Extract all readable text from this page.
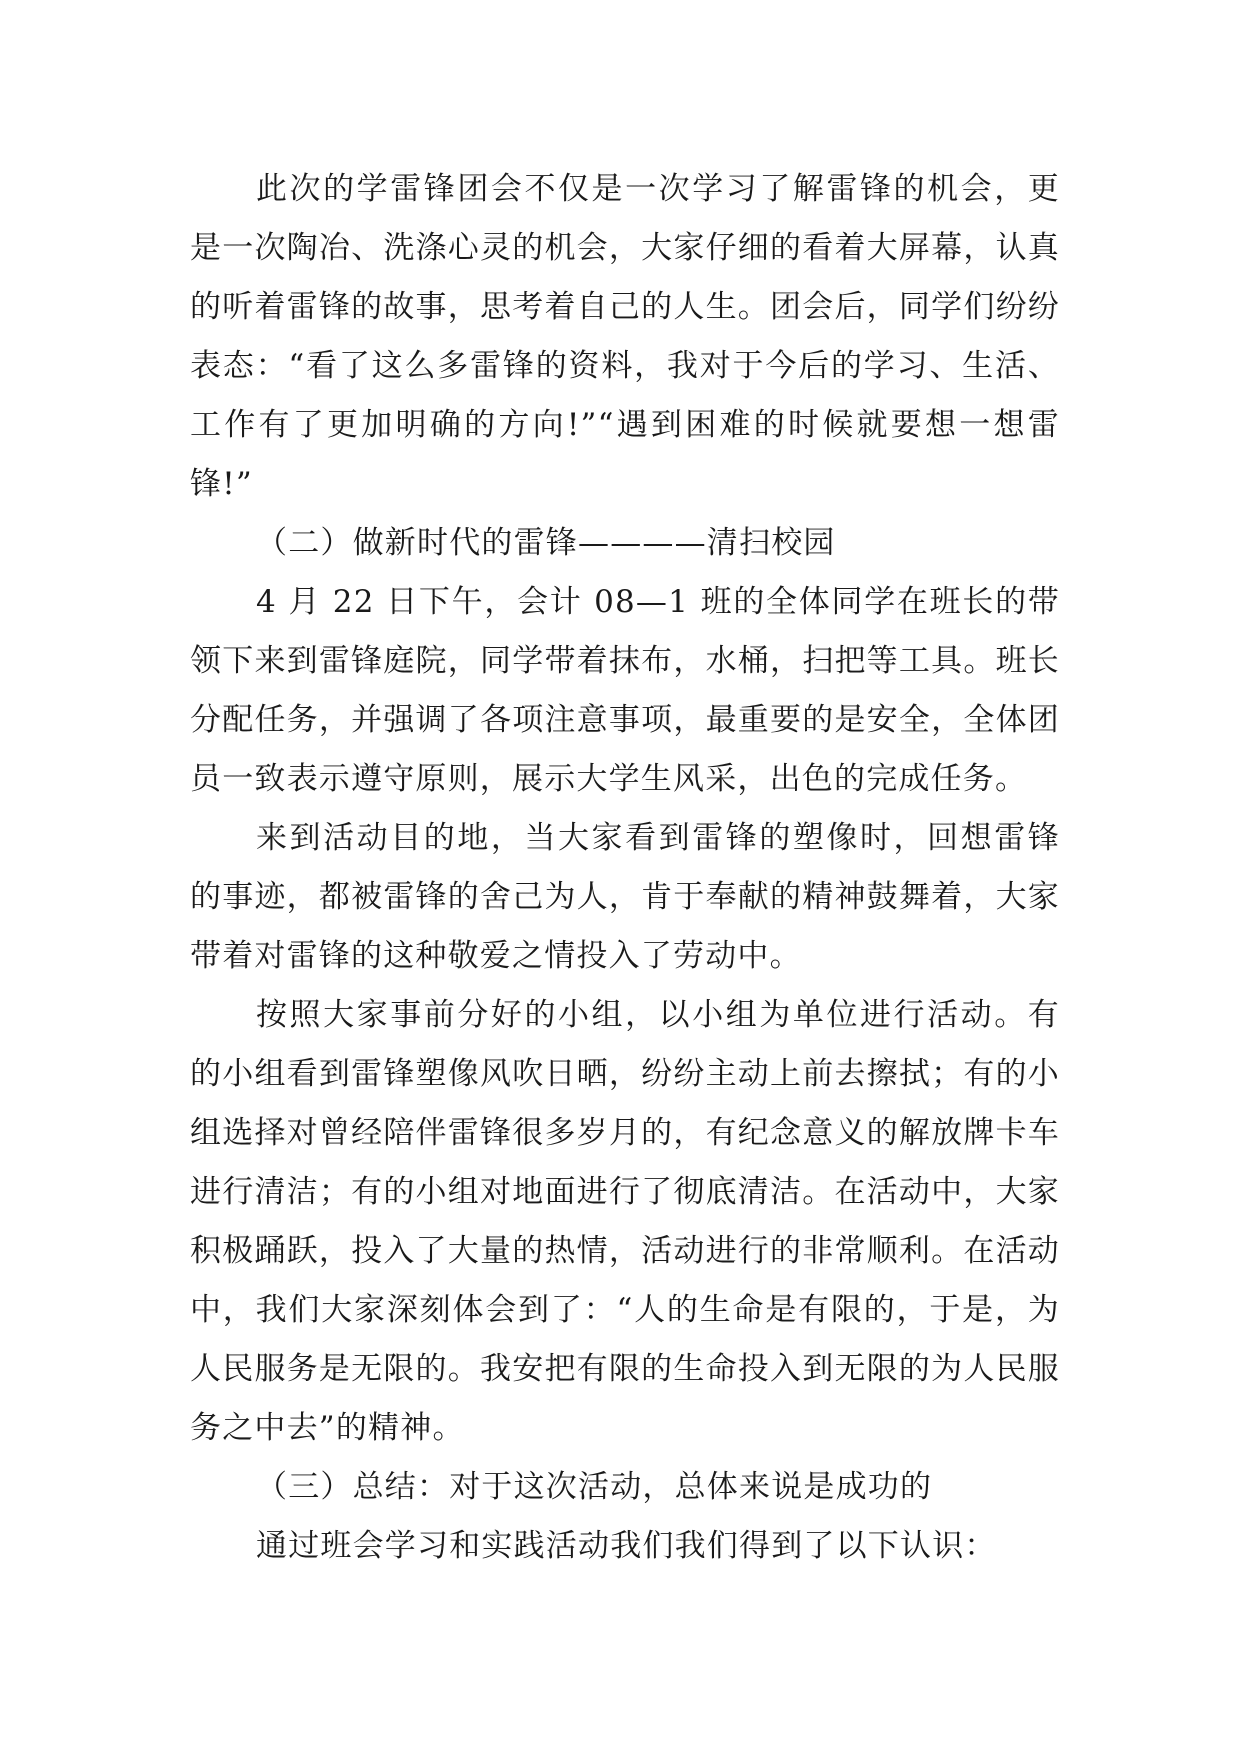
此次的学雷锋团会不仅是一次学习了解雷锋的机会，更是一次陶冶、洗涤心灵的机会，大家仔细的看着大屏幕，认真的听着雷锋的故事，思考着自己的人生。团会后，同学们纷纷表态：“看了这么多雷锋的资料，我对于今后的学习、生活、工作有了更加明确的方向!”“遇到困难的时候就要想一想雷锋!”

（二）做新时代的雷锋————清扫校园

4 月 22 日下午，会计 08—1 班的全体同学在班长的带领下来到雷锋庭院，同学带着抹布，水桶，扫把等工具。班长分配任务，并强调了各项注意事项，最重要的是安全，全体团员一致表示遵守原则，展示大学生风采，出色的完成任务。

来到活动目的地，当大家看到雷锋的塑像时，回想雷锋的事迹，都被雷锋的舍己为人，肯于奉献的精神鼓舞着，大家带着对雷锋的这种敬爱之情投入了劳动中。

按照大家事前分好的小组，以小组为单位进行活动。有的小组看到雷锋塑像风吹日晒，纷纷主动上前去擦拭；有的小组选择对曾经陪伴雷锋很多岁月的，有纪念意义的解放牌卡车进行清洁；有的小组对地面进行了彻底清洁。在活动中，大家积极踊跃，投入了大量的热情，活动进行的非常顺利。在活动中，我们大家深刻体会到了：“人的生命是有限的，于是，为人民服务是无限的。我安把有限的生命投入到无限的为人民服务之中去”的精神。

（三）总结：对于这次活动，总体来说是成功的

通过班会学习和实践活动我们我们得到了以下认识：
